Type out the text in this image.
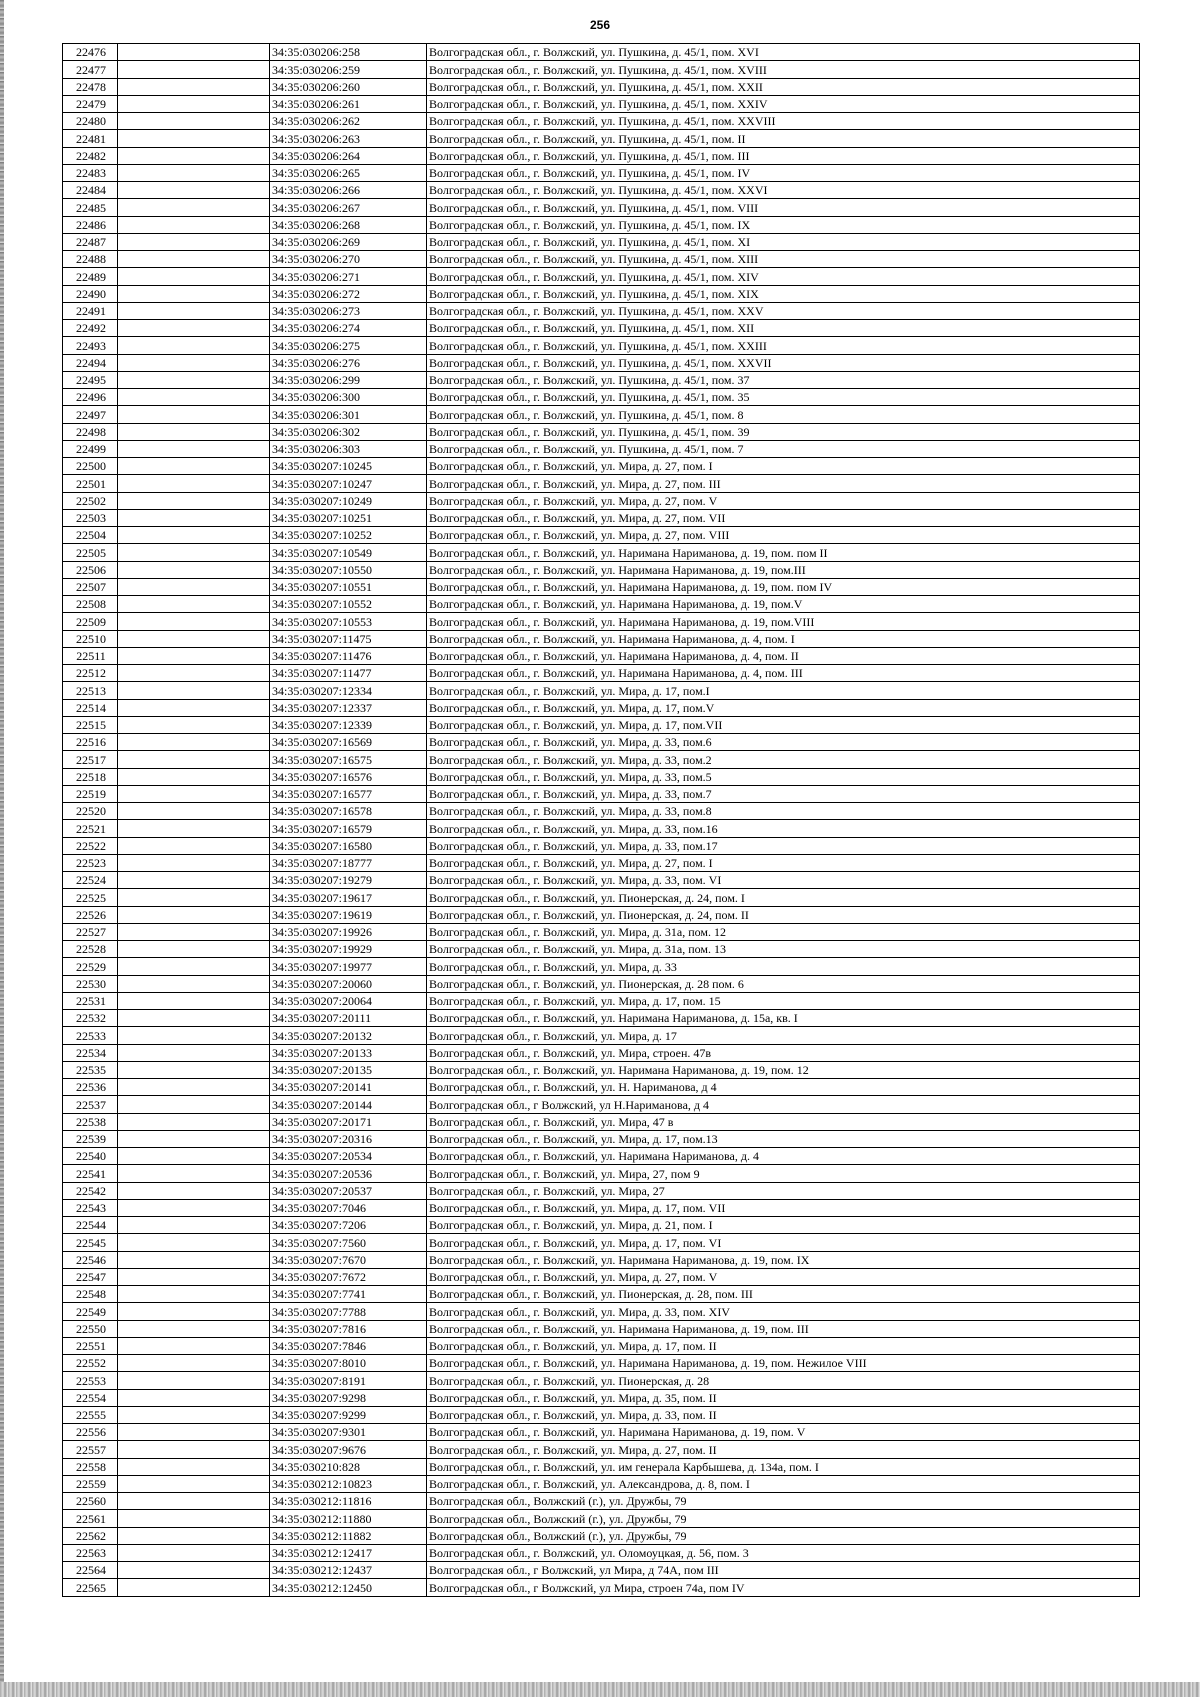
256
22476		34:35:030206:258	Волгоградская обл., г. Волжский, ул. Пушкина, д. 45/1, пом. XVI
22477		34:35:030206:259	Волгоградская обл., г. Волжский, ул. Пушкина, д. 45/1, пом. XVIII
22478		34:35:030206:260	Волгоградская обл., г. Волжский, ул. Пушкина, д. 45/1, пом. XXII
22479		34:35:030206:261	Волгоградская обл., г. Волжский, ул. Пушкина, д. 45/1, пом. XXIV
22480		34:35:030206:262	Волгоградская обл., г. Волжский, ул. Пушкина, д. 45/1, пом. XXVIII
22481		34:35:030206:263	Волгоградская обл., г. Волжский, ул. Пушкина, д. 45/1, пом. II
22482		34:35:030206:264	Волгоградская обл., г. Волжский, ул. Пушкина, д. 45/1, пом. III
22483		34:35:030206:265	Волгоградская обл., г. Волжский, ул. Пушкина, д. 45/1, пом. IV
22484		34:35:030206:266	Волгоградская обл., г. Волжский, ул. Пушкина, д. 45/1, пом. XXVI
22485		34:35:030206:267	Волгоградская обл., г. Волжский, ул. Пушкина, д. 45/1, пом. VIII
22486		34:35:030206:268	Волгоградская обл., г. Волжский, ул. Пушкина, д. 45/1, пом. IX
22487		34:35:030206:269	Волгоградская обл., г. Волжский, ул. Пушкина, д. 45/1, пом. XI
22488		34:35:030206:270	Волгоградская обл., г. Волжский, ул. Пушкина, д. 45/1, пом. XIII
22489		34:35:030206:271	Волгоградская обл., г. Волжский, ул. Пушкина, д. 45/1, пом. XIV
22490		34:35:030206:272	Волгоградская обл., г. Волжский, ул. Пушкина, д. 45/1, пом. XIX
22491		34:35:030206:273	Волгоградская обл., г. Волжский, ул. Пушкина, д. 45/1, пом. XXV
22492		34:35:030206:274	Волгоградская обл., г. Волжский, ул. Пушкина, д. 45/1, пом. XII
22493		34:35:030206:275	Волгоградская обл., г. Волжский, ул. Пушкина, д. 45/1, пом. XXIII
22494		34:35:030206:276	Волгоградская обл., г. Волжский, ул. Пушкина, д. 45/1, пом. XXVII
22495		34:35:030206:299	Волгоградская обл., г. Волжский, ул. Пушкина, д. 45/1, пом. 37
22496		34:35:030206:300	Волгоградская обл., г. Волжский, ул. Пушкина, д. 45/1, пом. 35
22497		34:35:030206:301	Волгоградская обл., г. Волжский, ул. Пушкина, д. 45/1, пом. 8
22498		34:35:030206:302	Волгоградская обл., г. Волжский, ул. Пушкина, д. 45/1, пом. 39
22499		34:35:030206:303	Волгоградская обл., г. Волжский, ул. Пушкина, д. 45/1, пом. 7
22500		34:35:030207:10245	Волгоградская обл., г. Волжский, ул. Мира, д. 27, пом. I
22501		34:35:030207:10247	Волгоградская обл., г. Волжский, ул. Мира, д. 27, пом. III
22502		34:35:030207:10249	Волгоградская обл., г. Волжский, ул. Мира, д. 27, пом. V
22503		34:35:030207:10251	Волгоградская обл., г. Волжский, ул. Мира, д. 27, пом. VII
22504		34:35:030207:10252	Волгоградская обл., г. Волжский, ул. Мира, д. 27, пом. VIII
22505		34:35:030207:10549	Волгоградская обл., г. Волжский, ул. Наримана Нариманова, д. 19, пом. пом II
22506		34:35:030207:10550	Волгоградская обл., г. Волжский, ул. Наримана Нариманова, д. 19, пом.III
22507		34:35:030207:10551	Волгоградская обл., г. Волжский, ул. Наримана Нариманова, д. 19, пом. пом IV
22508		34:35:030207:10552	Волгоградская обл., г. Волжский, ул. Наримана Нариманова, д. 19, пом.V
22509		34:35:030207:10553	Волгоградская обл., г. Волжский, ул. Наримана Нариманова, д. 19, пом.VIII
22510		34:35:030207:11475	Волгоградская обл., г. Волжский, ул. Наримана Нариманова, д. 4, пом. I
22511		34:35:030207:11476	Волгоградская обл., г. Волжский, ул. Наримана Нариманова, д. 4, пом. II
22512		34:35:030207:11477	Волгоградская обл., г. Волжский, ул. Наримана Нариманова, д. 4, пом. III
22513		34:35:030207:12334	Волгоградская обл., г. Волжский, ул. Мира, д. 17, пом.I
22514		34:35:030207:12337	Волгоградская обл., г. Волжский, ул. Мира, д. 17, пом.V
22515		34:35:030207:12339	Волгоградская обл., г. Волжский, ул. Мира, д. 17, пом.VII
22516		34:35:030207:16569	Волгоградская обл., г. Волжский, ул. Мира, д. 33, пом.6
22517		34:35:030207:16575	Волгоградская обл., г. Волжский, ул. Мира, д. 33, пом.2
22518		34:35:030207:16576	Волгоградская обл., г. Волжский, ул. Мира, д. 33, пом.5
22519		34:35:030207:16577	Волгоградская обл., г. Волжский, ул. Мира, д. 33, пом.7
22520		34:35:030207:16578	Волгоградская обл., г. Волжский, ул. Мира, д. 33, пом.8
22521		34:35:030207:16579	Волгоградская обл., г. Волжский, ул. Мира, д. 33, пом.16
22522		34:35:030207:16580	Волгоградская обл., г. Волжский, ул. Мира, д. 33, пом.17
22523		34:35:030207:18777	Волгоградская обл., г. Волжский, ул. Мира, д. 27, пом. I
22524		34:35:030207:19279	Волгоградская обл., г. Волжский, ул. Мира, д. 33, пом. VI
22525		34:35:030207:19617	Волгоградская обл., г. Волжский, ул. Пионерская, д. 24, пом. I
22526		34:35:030207:19619	Волгоградская обл., г. Волжский, ул. Пионерская, д. 24, пом. II
22527		34:35:030207:19926	Волгоградская обл., г. Волжский, ул. Мира, д. 31а, пом. 12
22528		34:35:030207:19929	Волгоградская обл., г. Волжский, ул. Мира, д. 31а, пом. 13
22529		34:35:030207:19977	Волгоградская обл., г. Волжский, ул. Мира, д. 33
22530		34:35:030207:20060	Волгоградская обл., г. Волжский, ул. Пионерская, д. 28 пом. 6
22531		34:35:030207:20064	Волгоградская обл., г. Волжский, ул. Мира, д. 17, пом. 15
22532		34:35:030207:20111	Волгоградская обл., г. Волжский, ул. Наримана Нариманова, д. 15а, кв. I
22533		34:35:030207:20132	Волгоградская обл., г. Волжский, ул. Мира, д. 17
22534		34:35:030207:20133	Волгоградская обл., г. Волжский, ул. Мира, строен. 47в
22535		34:35:030207:20135	Волгоградская обл., г. Волжский, ул. Наримана Нариманова, д. 19, пом. 12
22536		34:35:030207:20141	Волгоградская обл., г. Волжский, ул. Н. Нариманова, д 4
22537		34:35:030207:20144	Волгоградская обл., г Волжский, ул Н.Нариманова, д 4
22538		34:35:030207:20171	Волгоградская обл., г. Волжский, ул. Мира, 47 в
22539		34:35:030207:20316	Волгоградская обл., г. Волжский, ул. Мира, д. 17, пом.13
22540		34:35:030207:20534	Волгоградская обл., г. Волжский, ул. Наримана Нариманова, д. 4
22541		34:35:030207:20536	Волгоградская обл., г. Волжский, ул. Мира, 27, пом 9
22542		34:35:030207:20537	Волгоградская обл., г. Волжский, ул. Мира, 27
22543		34:35:030207:7046	Волгоградская обл., г. Волжский, ул. Мира, д. 17, пом. VII
22544		34:35:030207:7206	Волгоградская обл., г. Волжский, ул. Мира, д. 21, пом. I
22545		34:35:030207:7560	Волгоградская обл., г. Волжский, ул. Мира, д. 17, пом. VI
22546		34:35:030207:7670	Волгоградская обл., г. Волжский, ул. Наримана Нариманова, д. 19, пом. IX
22547		34:35:030207:7672	Волгоградская обл., г. Волжский, ул. Мира, д. 27, пом. V
22548		34:35:030207:7741	Волгоградская обл., г. Волжский, ул. Пионерская, д. 28, пом. III
22549		34:35:030207:7788	Волгоградская обл., г. Волжский, ул. Мира, д. 33, пом. XIV
22550		34:35:030207:7816	Волгоградская обл., г. Волжский, ул. Наримана Нариманова, д. 19, пом. III
22551		34:35:030207:7846	Волгоградская обл., г. Волжский, ул. Мира, д. 17, пом. II
22552		34:35:030207:8010	Волгоградская обл., г. Волжский, ул. Наримана Нариманова, д. 19, пом. Нежилое VIII
22553		34:35:030207:8191	Волгоградская обл., г. Волжский, ул. Пионерская, д. 28
22554		34:35:030207:9298	Волгоградская обл., г. Волжский, ул. Мира, д. 35, пом. II
22555		34:35:030207:9299	Волгоградская обл., г. Волжский, ул. Мира, д. 33, пом. II
22556		34:35:030207:9301	Волгоградская обл., г. Волжский, ул. Наримана Нариманова, д. 19, пом. V
22557		34:35:030207:9676	Волгоградская обл., г. Волжский, ул. Мира, д. 27, пом. II
22558		34:35:030210:828	Волгоградская обл., г. Волжский, ул. им генерала Карбышева, д. 134а, пом. I
22559		34:35:030212:10823	Волгоградская обл., г. Волжский, ул. Александрова, д. 8, пом. I
22560		34:35:030212:11816	Волгоградская обл., Волжский (г.), ул. Дружбы, 79
22561		34:35:030212:11880	Волгоградская обл., Волжский (г.), ул. Дружбы, 79
22562		34:35:030212:11882	Волгоградская обл., Волжский (г.), ул. Дружбы, 79
22563		34:35:030212:12417	Волгоградская обл., г. Волжский, ул. Оломоуцкая, д. 56, пом. 3
22564		34:35:030212:12437	Волгоградская обл., г Волжский, ул Мира, д 74А, пом III
22565		34:35:030212:12450	Волгоградская обл., г Волжский, ул Мира, строен 74а, пом IV
